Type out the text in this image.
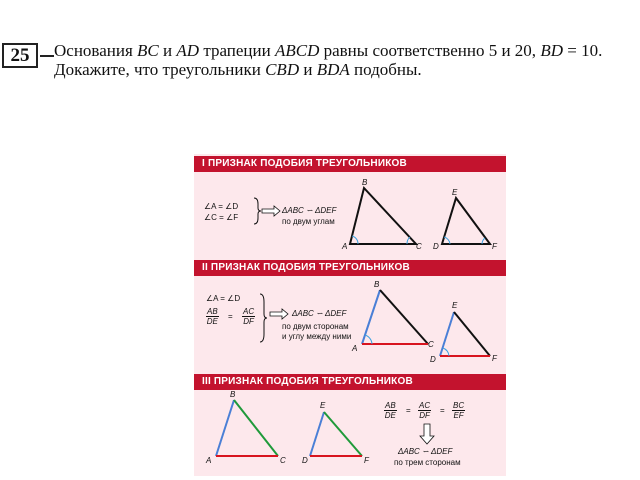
25	Основания BC и AD трапеции ABCD равны соответственно 5 и 20, BD = 10.
Докажите, что треугольники CBD и BDA подобны.
I ПРИЗНАК ПОДОБИЯ ТРЕУГОЛЬНИКОВ
∠A = ∠D
∠C = ∠F
ΔABC ∽ ΔDEF
по двум углам
B
A	C
E
D	F
II ПРИЗНАК ПОДОБИЯ ТРЕУГОЛЬНИКОВ
∠A = ∠D
$\frac{AB}{DE} = \frac{AC}{DF}$	ΔABC ∽ ΔDEF
по двум сторонам
и углу между ними
B
A	C
E
D	F
III ПРИЗНАК ПОДОБИЯ ТРЕУГОЛЬНИКОВ
$\frac{AB}{DE} = \frac{AC}{DF} = \frac{BC}{EF}$
ΔABC ∽ ΔDEF
по трем сторонам
B
A	C
E
D	F
